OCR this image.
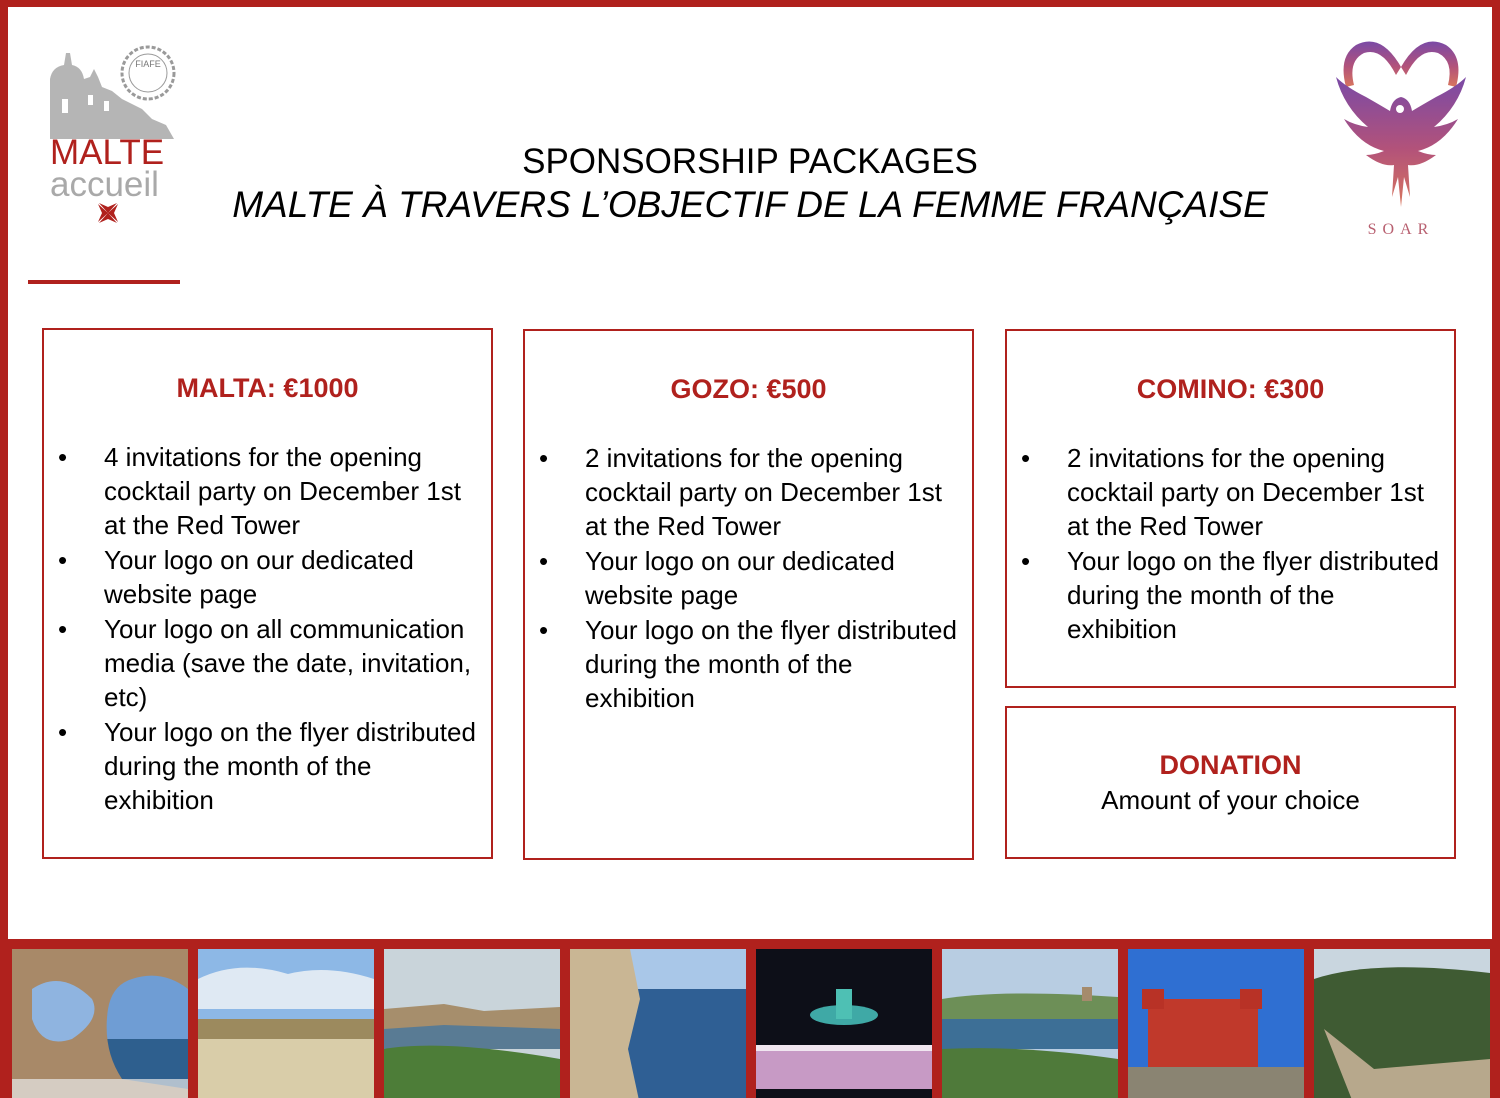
FIAFE
MALTE
accueil
SPONSORSHIP PACKAGES
MALTE À TRAVERS L’OBJECTIF DE LA FEMME FRANÇAISE
SOAR
MALTA: €1000
•	4 invitations for the opening cocktail party on December 1st at the Red Tower
•	Your logo on our dedicated website page
•	Your logo on all communication media (save the date, invitation, etc)
•	Your logo on the flyer distributed during the month of the exhibition
GOZO: €500
•	2 invitations for the opening cocktail party on December 1st at the Red Tower
•	Your logo on our dedicated website page
•	Your logo on the flyer distributed during the month of the exhibition
COMINO: €300
•	2 invitations for the opening cocktail party on December 1st at the Red Tower
•	Your logo on the flyer distributed during the month of the exhibition
DONATION
Amount of your choice
